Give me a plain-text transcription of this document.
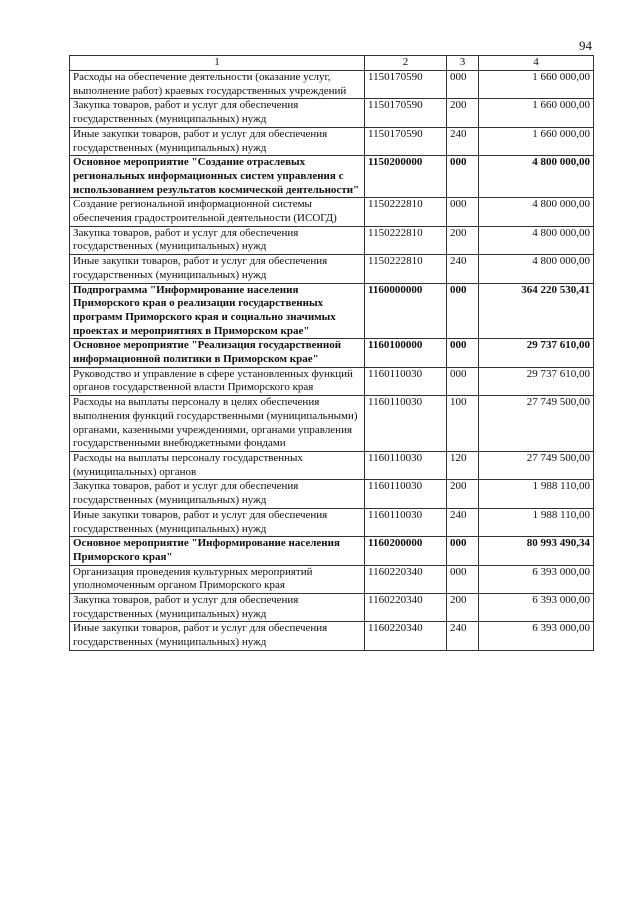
94
1	2	3	4
Расходы на обеспечение деятельности (оказание услуг, выполнение работ) краевых государственных учреждений	1150170590	000	1 660 000,00
Закупка товаров, работ и услуг для обеспечения государственных (муниципальных) нужд	1150170590	200	1 660 000,00
Иные закупки товаров, работ и услуг для обеспечения государственных (муниципальных) нужд	1150170590	240	1 660 000,00
Основное мероприятие "Создание отраслевых региональных информационных систем управления с использованием результатов космической деятельности"	1150200000	000	4 800 000,00
Создание региональной информационной системы обеспечения градостроительной деятельности (ИСОГД)	1150222810	000	4 800 000,00
Закупка товаров, работ и услуг для обеспечения государственных (муниципальных) нужд	1150222810	200	4 800 000,00
Иные закупки товаров, работ и услуг для обеспечения государственных (муниципальных) нужд	1150222810	240	4 800 000,00
Подпрограмма "Информирование населения Приморского края о реализации государственных программ Приморского края и социально значимых проектах и мероприятиях в Приморском крае"	1160000000	000	364 220 530,41
Основное мероприятие "Реализация государственной информационной политики в Приморском крае"	1160100000	000	29 737 610,00
Руководство и управление в сфере установленных функций органов государственной власти Приморского края	1160110030	000	29 737 610,00
Расходы на выплаты персоналу в целях обеспечения выполнения функций государственными (муниципальными) органами, казенными учреждениями, органами управления государственными внебюджетными фондами	1160110030	100	27 749 500,00
Расходы на выплаты персоналу государственных (муниципальных) органов	1160110030	120	27 749 500,00
Закупка товаров, работ и услуг для обеспечения государственных (муниципальных) нужд	1160110030	200	1 988 110,00
Иные закупки товаров, работ и услуг для обеспечения государственных (муниципальных) нужд	1160110030	240	1 988 110,00
Основное мероприятие "Информирование населения Приморского края"	1160200000	000	80 993 490,34
Организация проведения культурных мероприятий уполномоченным органом Приморского края	1160220340	000	6 393 000,00
Закупка товаров, работ и услуг для обеспечения государственных (муниципальных) нужд	1160220340	200	6 393 000,00
Иные закупки товаров, работ и услуг для обеспечения государственных (муниципальных) нужд	1160220340	240	6 393 000,00
